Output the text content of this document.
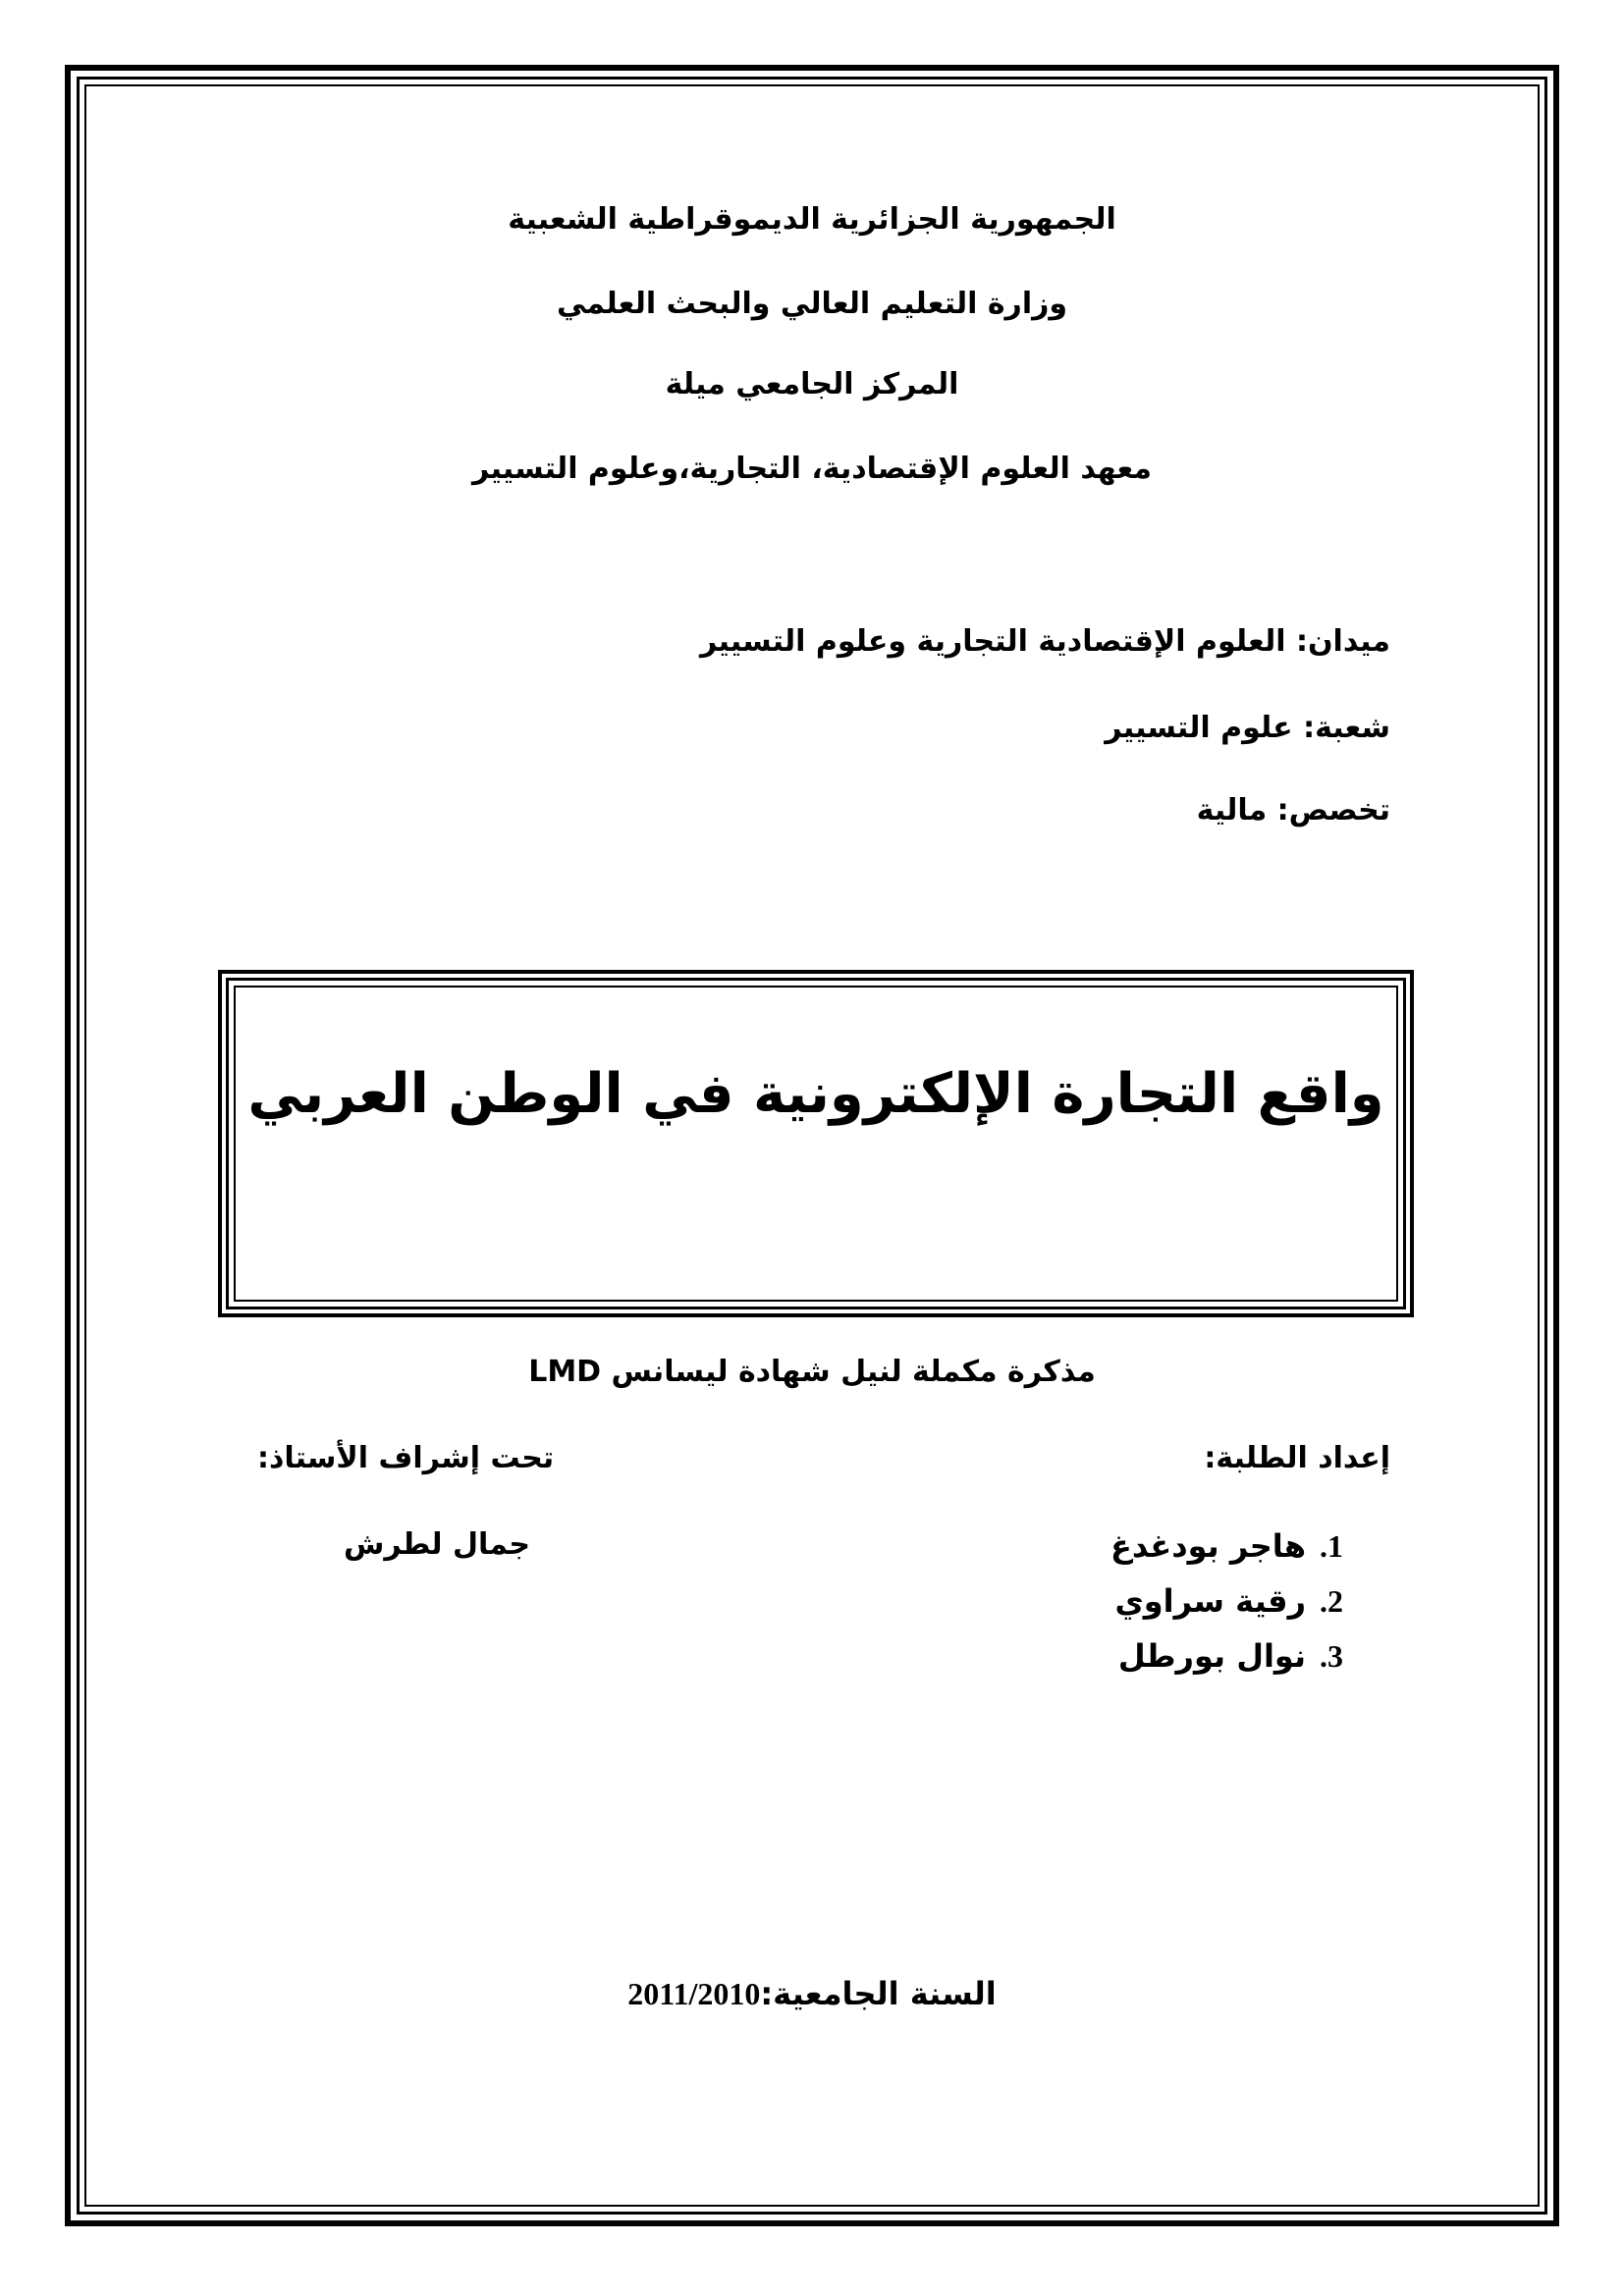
الجمهورية الجزائرية الديموقراطية الشعبية
وزارة التعليم العالي والبحث العلمي
المركز الجامعي ميلة
معهد العلوم الإقتصادية، التجارية،وعلوم التسيير
ميدان: العلوم الإقتصادية التجارية وعلوم التسيير
شعبة: علوم التسيير
تخصص: مالية
واقع التجارة الإلكترونية في الوطن العربي
مذكرة مكملة لنيل شهادة ليسانس LMD
إعداد الطلبة:
تحت إشراف الأستاذ:
1.هاجر بودغدغ
2.رقية سراوي
3.نوال بورطل
جمال لطرش
السنة الجامعية:2011/2010
